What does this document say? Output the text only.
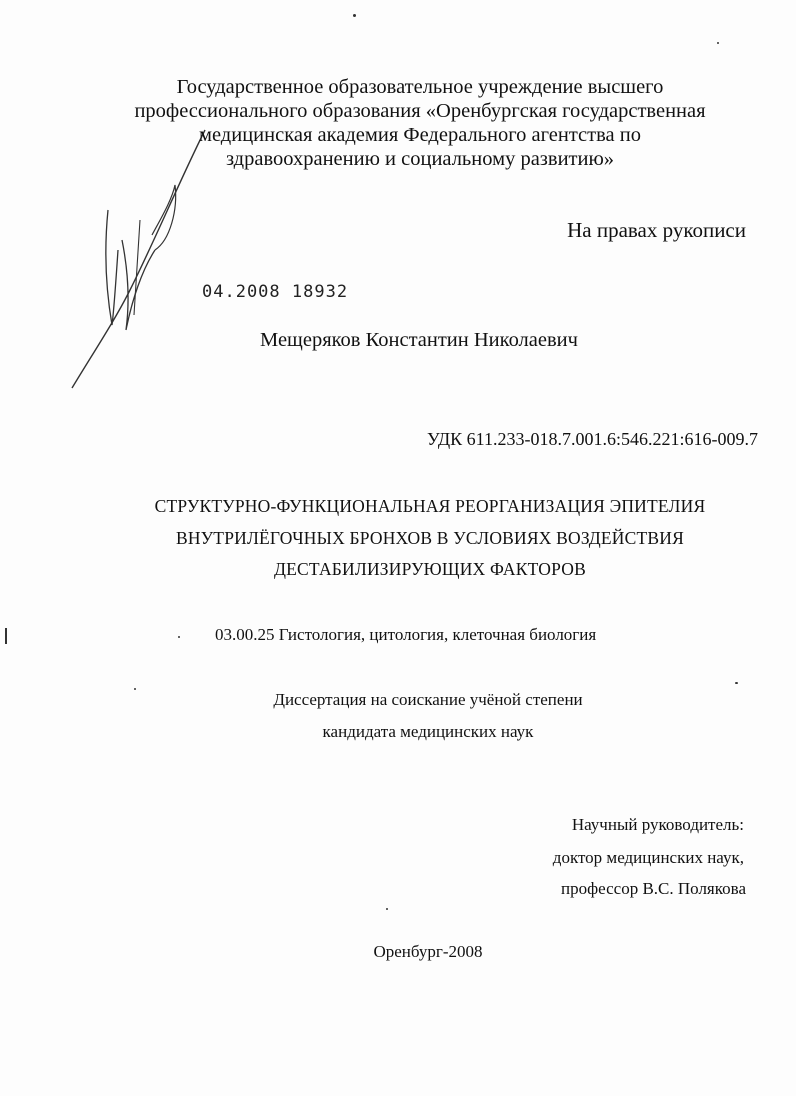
Государственное образовательное учреждение высшего
профессионального образования «Оренбургская государственная
медицинская академия Федерального агентства по
здравоохранению и социальному развитию»
На правах рукописи
04.2008 18932
Мещеряков Константин Николаевич
УДК 611.233-018.7.001.6:546.221:616-009.7
СТРУКТУРНО-ФУНКЦИОНАЛЬНАЯ РЕОРГАНИЗАЦИЯ ЭПИТЕЛИЯ
ВНУТРИЛЁГОЧНЫХ БРОНХОВ В УСЛОВИЯХ ВОЗДЕЙСТВИЯ
ДЕСТАБИЛИЗИРУЮЩИХ ФАКТОРОВ
03.00.25 Гистология, цитология, клеточная биология
Диссертация на соискание учёной степени
кандидата медицинских наук
Научный руководитель:
доктор медицинских наук,
профессор В.С. Полякова
Оренбург-2008
